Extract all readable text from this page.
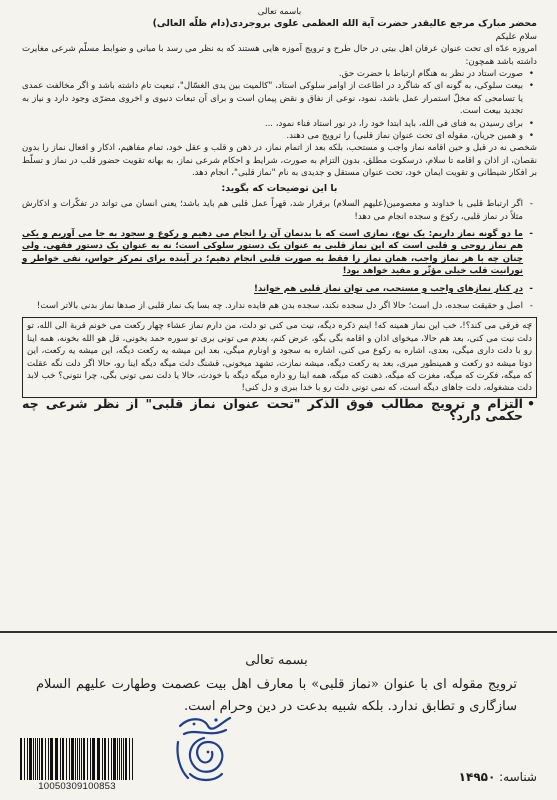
باسمه تعالی

محضر مبارک مرجع عالیقدر حضرت آیة الله العظمی علوی بروجردی(دام ظلّه العالی)

سلام علیکم

امروزه عدّه ای تحت عنوان عرفان اهل بیتی در حال طرح و ترویج آموزه هایی هستند که به نظر می رسد با مبانی و ضوابط مسلّم شرعی مغایرت داشته باشد همچون:

• صورت استاد در نظر به هنگام ارتباط با حضرت حق.

• بیعت سلوکی، به گونه ای که شاگرد در اطاعت از اوامر سلوکی استاد، "کالمیت بین یدی الغسّال"، تبعیت تام داشته باشد و اگر مخالفت عمدی یا تسامحی که مخلّ استمرار عمل باشد، نمود، نوعی از نفاق و نقض پیمان است و برای آن تبعات دنیوی و اخروی مضرّی وجود دارد و نیاز به تجدید بیعت است.

• برای رسیدن به فنای فی الله، باید ابتدا خود را، در نور استاد فناء نمود، ...

• و همین جریان، مقوله ای تحت عنوان نماز قلبی) را ترویج می دهند.

شخصی نه در قبل و حین اقامه نماز واجب و مستحب، بلکه بعد از اتمام نماز، در ذهن و قلب و عقل خود، تمام مفاهیم، اذکار و افعال نماز را بدون نقصان، از اذان و اقامه تا سلام، درسکوت مطلق، بدون التزام به صورت، شرایط و احکام شرعی نماز، به بهانه تقویت حضور قلب در نماز و تسلّط بر افکار شیطانی و تقویت ایمان خود، تحت عنوان مستقل و جدیدی به نام "نماز قلبی"، انجام دهد.

با این توضیحات که بگوید:

- اگر ارتباط قلبی با خداوند و معصومین(علیهم السلام) برقرار شد، قهراً عمل قلبی هم باید باشد؛ یعنی انسان می تواند در تفکّرات و اذکارش مثلاً در نماز قلبی، رکوع و سجده انجام می دهد!

- ما دو گونه نماز داریم: یک نوع، نمازی است که با بدنمان آن را انجام می دهیم و رکوع و سجود به جا می آوریم و یکی هم نماز روحی و قلبی است که این نماز قلبی به عنوان یک دستور سلوکی است؛ نه به عنوان یک دستور فقهی. ولی چنان چه با هر نماز واجب، همان نماز را فقط به صورت قلبی انجام دهیم؛ در آینده برای تمرکز حواس، نفی خواطر و نورانیت قلب خیلی مؤثّر و مفید خواهد بود!

- در کنار نمازهای واجب و مستحب، می توان نماز قلبی هم خواند!

- اصل و حقیقت سجده، دل است؛ حالا اگر دل سجده نکند، سجده بدن هم فایده ندارد. چه بسا یک نماز قلبی از صدها نماز بدنی بالاتر است!

- چه فرقی می کند؟!، خب این نماز همینه که! اینم ذکره دیگه، نیت می کنی تو دلت، من دارم نماز عشاء چهار رکعت می خونم قربة الی الله، تو دلت نیت می کنی، بعد هم حالا، میخوای اذان و اقامه بگی بگو، عرض کنم، بعدم می تونی بری تو سوره حمد بخونی، قل هو الله بخونه، همه اینا رو با دلت داری میگی، بعدی، اشاره به رکوع می کنی، اشاره به سجود و اونارم میگی، بعد این میشه یه رکعت دیگه، این میشه یه رکعت، این دوتا میشه دو رکعت و همینطور میری، بعد یه رکعت دیگه، میشه نمازت، تشهد میخونی، قشنگ دلت میگه دیگه اینا رو، حالا اگر دلت نگه عقلت که میگه، فکرت که میگه، مغزت که میگه، ذهنت که میگه، همه اینا رو داره میگه دیگه با خودت، حالا یا دلت نمی تونی بگی، چرا نتونی؟ خب لابد دلت مشغوله، دلت جاهای دیگه است، که نمی تونی دلت رو با خدا ببری و دل کنی!

• التزام و ترویج مطالب فوق الذکر "تحت عنوان نماز قلبی" از نظر شرعی چه حکمی دارد؟

بسمه تعالی
ترویج مقوله ای با عنوان «نماز قلبی» با معارف اهل بیت عصمت وطهارت علیهم السلام سازگاری و تطابق ندارد. بلکه شبیه بدعت در دین وحرام است.
شناسه: ۱۴۹۵۰
10050309100853
